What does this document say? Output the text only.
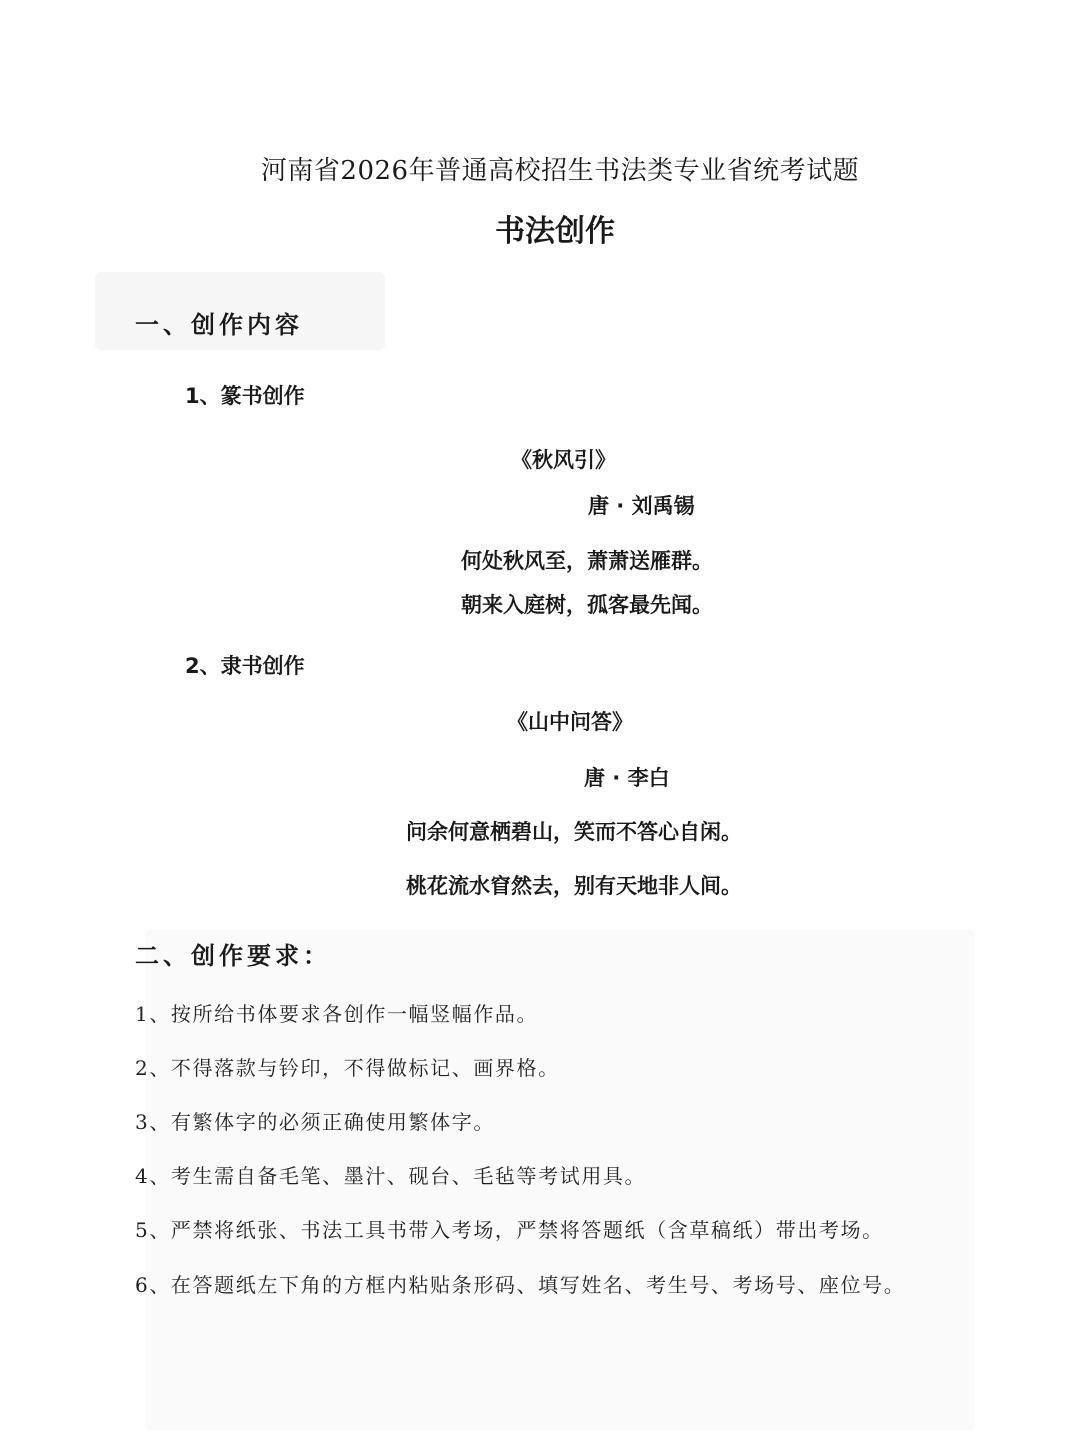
河南省2026年普通高校招生书法类专业省统考试题
书法创作
一、创作内容
1、篆书创作
《秋风引》
唐 · 刘禹锡
何处秋风至，萧萧送雁群。
朝来入庭树，孤客最先闻。
2、隶书创作
《山中问答》
唐 · 李白
问余何意栖碧山，笑而不答心自闲。
桃花流水窅然去，别有天地非人间。
二、创作要求：
1、按所给书体要求各创作一幅竖幅作品。
2、不得落款与钤印，不得做标记、画界格。
3、有繁体字的必须正确使用繁体字。
4、考生需自备毛笔、墨汁、砚台、毛毡等考试用具。
5、严禁将纸张、书法工具书带入考场，严禁将答题纸（含草稿纸）带出考场。
6、在答题纸左下角的方框内粘贴条形码、填写姓名、考生号、考场号、座位号。
